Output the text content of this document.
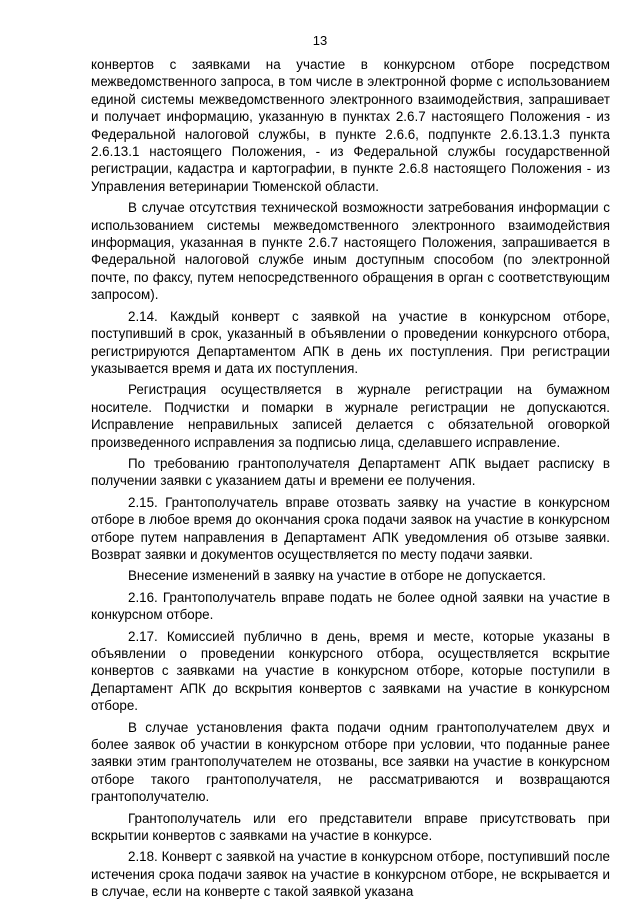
13

конвертов с заявками на участие в конкурсном отборе посредством межведомственного запроса, в том числе в электронной форме с использованием единой системы межведомственного электронного взаимодействия, запрашивает и получает информацию, указанную в пунктах 2.6.7 настоящего Положения - из Федеральной налоговой службы, в пункте 2.6.6, подпункте 2.6.13.1.3 пункта 2.6.13.1 настоящего Положения, - из Федеральной службы государственной регистрации, кадастра и картографии, в пункте 2.6.8 настоящего Положения - из Управления ветеринарии Тюменской области.

В случае отсутствия технической возможности затребования информации с использованием системы межведомственного электронного взаимодействия информация, указанная в пункте 2.6.7 настоящего Положения, запрашивается в Федеральной налоговой службе иным доступным способом (по электронной почте, по факсу, путем непосредственного обращения в орган с соответствующим запросом).

2.14. Каждый конверт с заявкой на участие в конкурсном отборе, поступивший в срок, указанный в объявлении о проведении конкурсного отбора, регистрируются Департаментом АПК в день их поступления. При регистрации указывается время и дата их поступления.

Регистрация осуществляется в журнале регистрации на бумажном носителе. Подчистки и помарки в журнале регистрации не допускаются. Исправление неправильных записей делается с обязательной оговоркой произведенного исправления за подписью лица, сделавшего исправление.

По требованию грантополучателя Департамент АПК выдает расписку в получении заявки с указанием даты и времени ее получения.

2.15. Грантополучатель вправе отозвать заявку на участие в конкурсном отборе в любое время до окончания срока подачи заявок на участие в конкурсном отборе путем направления в Департамент АПК уведомления об отзыве заявки. Возврат заявки и документов осуществляется по месту подачи заявки.

Внесение изменений в заявку на участие в отборе не допускается.

2.16. Грантополучатель вправе подать не более одной заявки на участие в конкурсном отборе.

2.17. Комиссией публично в день, время и месте, которые указаны в объявлении о проведении конкурсного отбора, осуществляется вскрытие конвертов с заявками на участие в конкурсном отборе, которые поступили в Департамент АПК до вскрытия конвертов с заявками на участие в конкурсном отборе.

В случае установления факта подачи одним грантополучателем двух и более заявок об участии в конкурсном отборе при условии, что поданные ранее заявки этим грантополучателем не отозваны, все заявки на участие в конкурсном отборе такого грантополучателя, не рассматриваются и возвращаются грантополучателю.

Грантополучатель или его представители вправе присутствовать при вскрытии конвертов с заявками на участие в конкурсе.

2.18. Конверт с заявкой на участие в конкурсном отборе, поступивший после истечения срока подачи заявок на участие в конкурсном отборе, не вскрывается и в случае, если на конверте с такой заявкой указана
